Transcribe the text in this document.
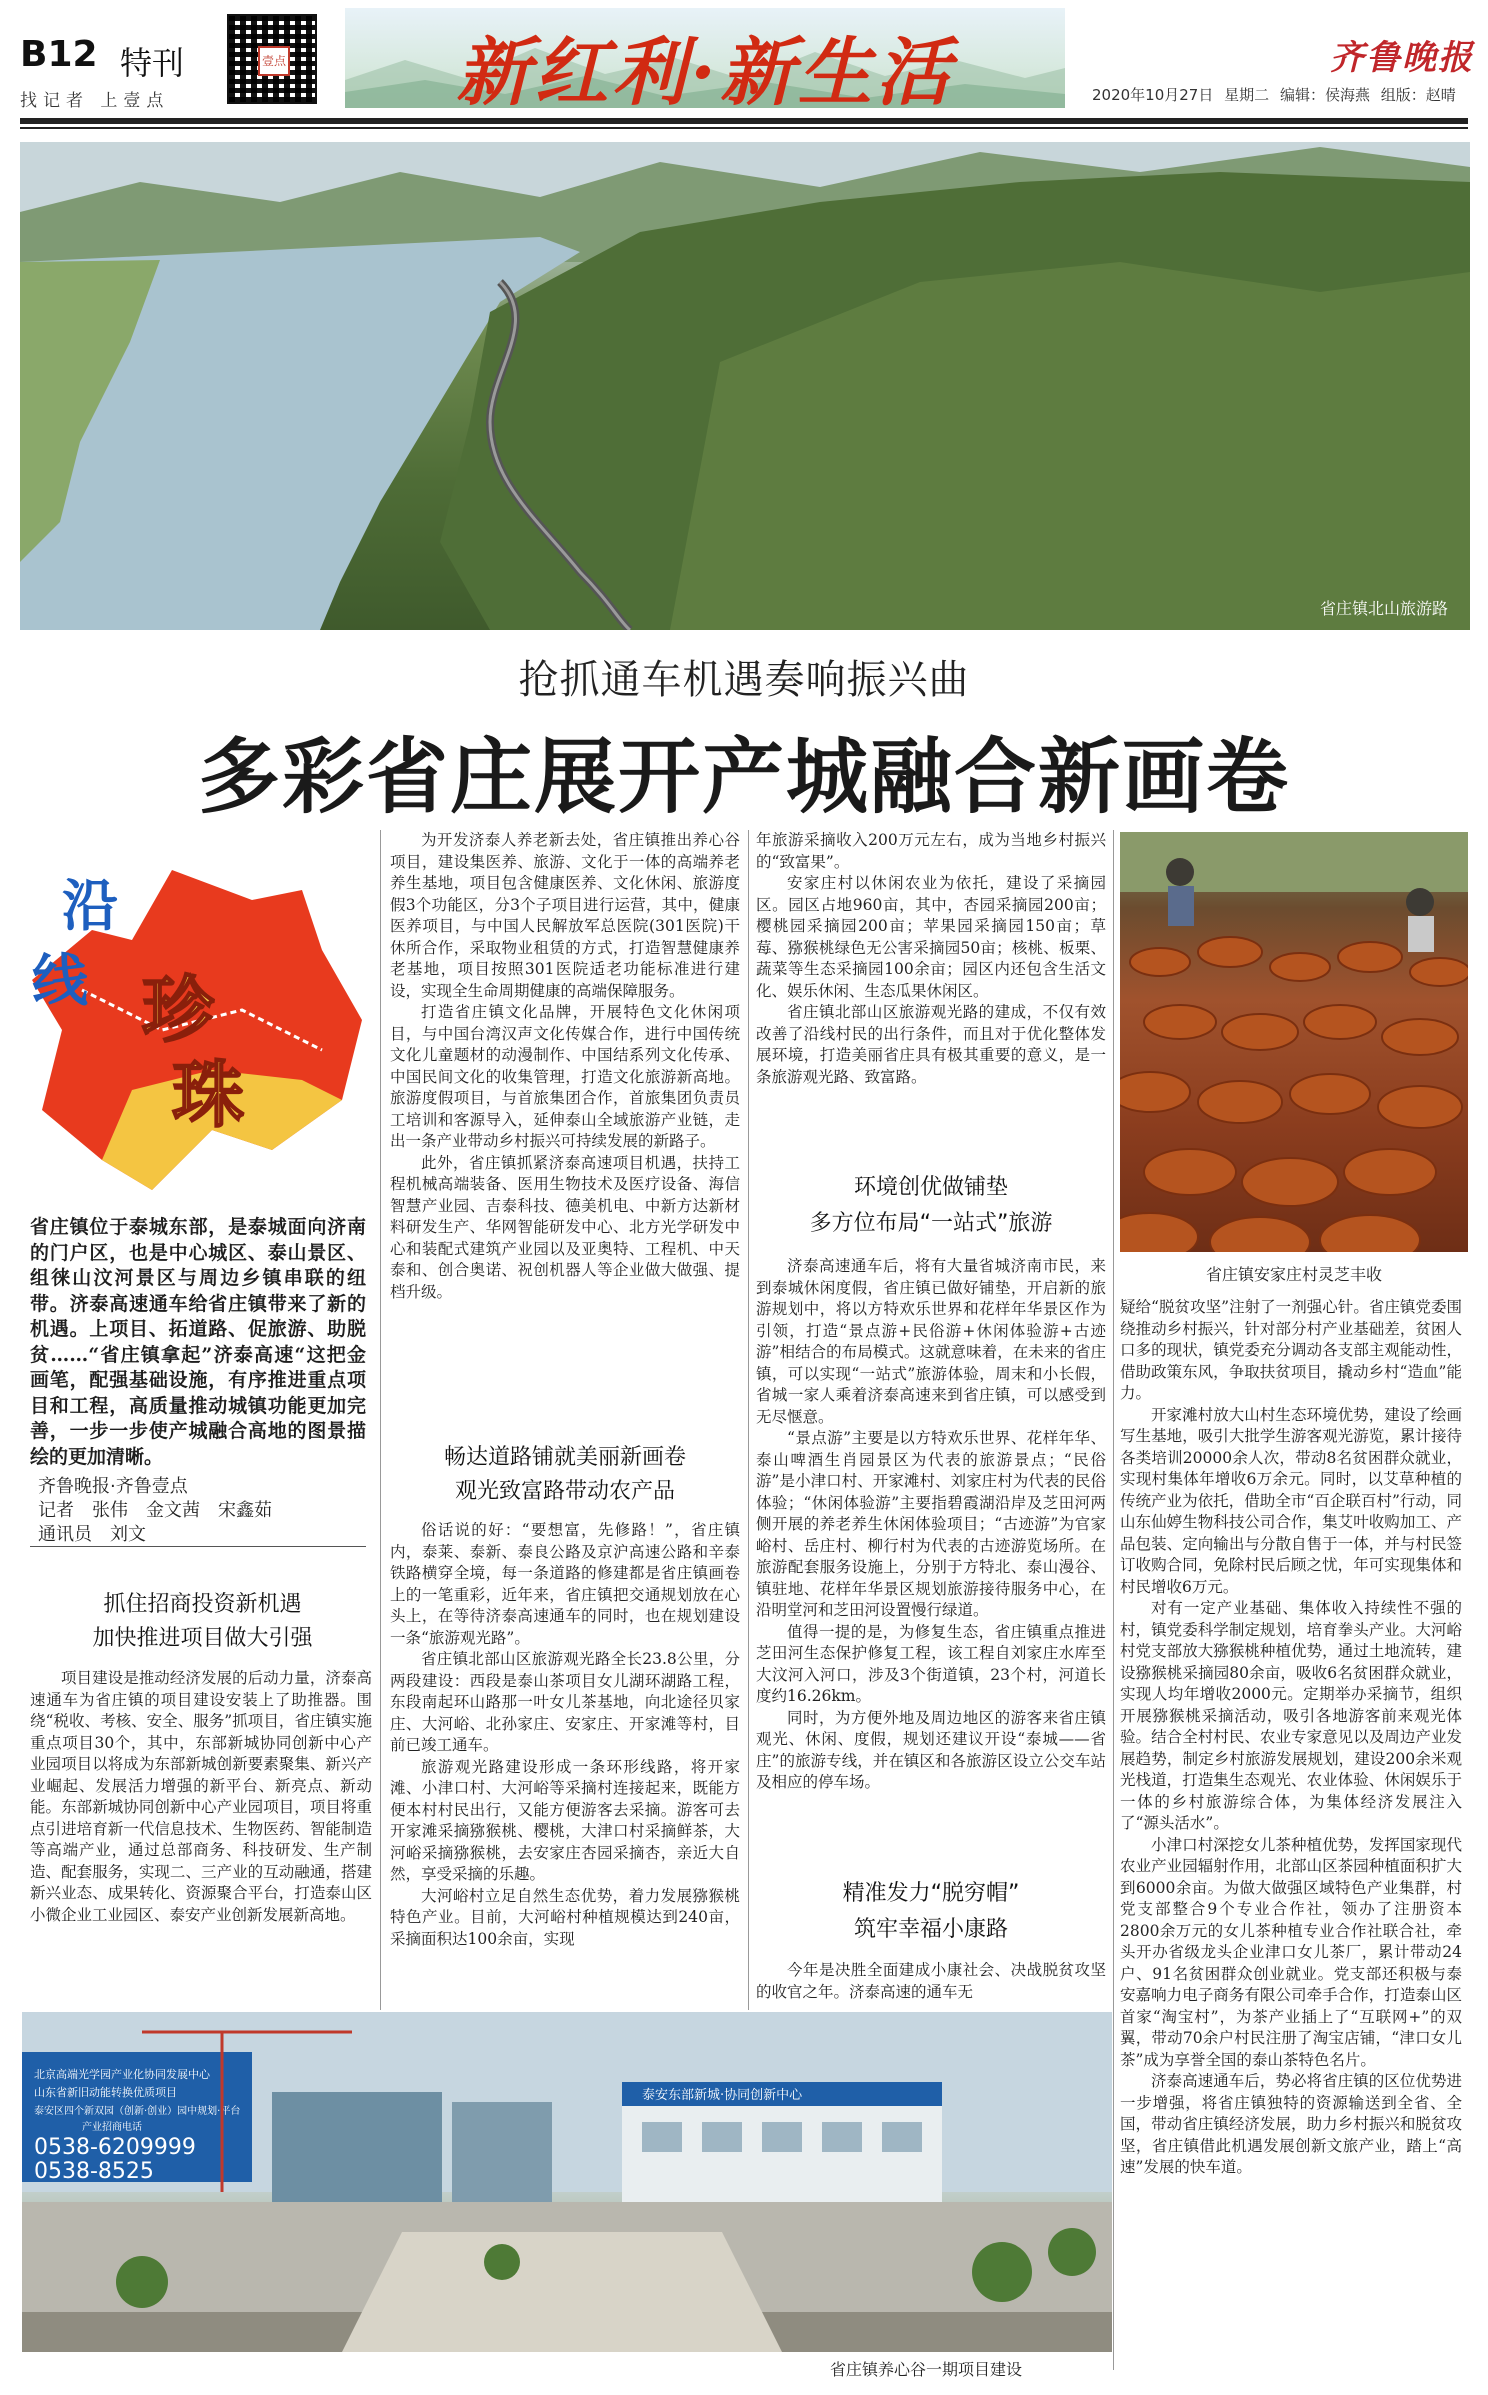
B12 特刊
找记者 上壹点
壹点	新红利·新生活	齐鲁晚报
2020年10月27日 星期二 编辑：侯海燕 组版：赵晴
省庄镇北山旅游路
抢抓通车机遇奏响振兴曲
多彩省庄展开产城融合新画卷
沿
线 珍
珠
省庄镇位于泰城东部，是泰城面向济南的门户区，也是中心城区、泰山景区、组徕山汶河景区与周边乡镇串联的纽带。济泰高速通车给省庄镇带来了新的机遇。上项目、拓道路、促旅游、助脱贫……“省庄镇拿起”济泰高速“这把金画笔，配强基础设施，有序推进重点项目和工程，高质量推动城镇功能更加完善，一步一步使产城融合高地的图景描绘的更加清晰。
齐鲁晚报·齐鲁壹点
记者　张伟　金文茜　宋鑫茹
通讯员　刘文
抓住招商投资新机遇
加快推进项目做大引强

项目建设是推动经济发展的后动力量，济泰高速通车为省庄镇的项目建设安装上了助推器。围绕“税收、考核、安全、服务”抓项目，省庄镇实施重点项目30个，其中，东部新城协同创新中心产业园项目以将成为东部新城创新要素聚集、新兴产业崛起、发展活力增强的新平台、新亮点、新动能。东部新城协同创新中心产业园项目，项目将重点引进培育新一代信息技术、生物医药、智能制造等高端产业，通过总部商务、科技研发、生产制造、配套服务，实现二、三产业的互动融通，搭建新兴业态、成果转化、资源聚合平台，打造泰山区小微企业工业园区、泰安产业创新发展新高地。

为开发济泰人养老新去处，省庄镇推出养心谷项目，建设集医养、旅游、文化于一体的高端养老养生基地，项目包含健康医养、文化休闲、旅游度假3个功能区，分3个子项目进行运营，其中，健康医养项目，与中国人民解放军总医院(301医院)干休所合作，采取物业租赁的方式，打造智慧健康养老基地，项目按照301医院适老功能标准进行建设，实现全生命周期健康的高端保障服务。

打造省庄镇文化品牌，开展特色文化休闲项目，与中国台湾汉声文化传媒合作，进行中国传统文化儿童题材的动漫制作、中国结系列文化传承、中国民间文化的收集管理，打造文化旅游新高地。旅游度假项目，与首旅集团合作，首旅集团负责员工培训和客源导入，延伸泰山全域旅游产业链，走出一条产业带动乡村振兴可持续发展的新路子。

此外，省庄镇抓紧济泰高速项目机遇，扶持工程机械高端装备、医用生物技术及医疗设备、海信智慧产业园、吉泰科技、德美机电、中新方达新材料研发生产、华网智能研发中心、北方光学研发中心和装配式建筑产业园以及亚奥特、工程机、中天泰和、创合奥诺、祝创机器人等企业做大做强、提档升级。

畅达道路铺就美丽新画卷
观光致富路带动农产品

俗话说的好：“要想富，先修路！”，省庄镇内，泰莱、泰新、泰良公路及京沪高速公路和辛泰铁路横穿全境，每一条道路的修建都是省庄镇画卷上的一笔重彩，近年来，省庄镇把交通规划放在心头上，在等待济泰高速通车的同时，也在规划建设一条“旅游观光路”。

省庄镇北部山区旅游观光路全长23.8公里，分两段建设：西段是泰山茶项目女儿湖环湖路工程，东段南起环山路那一叶女儿茶基地，向北途径贝家庄、大河峪、北孙家庄、安家庄、开家滩等村，目前已竣工通车。

旅游观光路建设形成一条环形线路，将开家滩、小津口村、大河峪等采摘村连接起来，既能方便本村村民出行，又能方便游客去采摘。游客可去开家滩采摘猕猴桃、樱桃，大津口村采摘鲜茶，大河峪采摘猕猴桃，去安家庄杏园采摘杏，亲近大自然，享受采摘的乐趣。

大河峪村立足自然生态优势，着力发展猕猴桃特色产业。目前，大河峪村种植规模达到240亩，采摘面积达100余亩，实现

年旅游采摘收入200万元左右，成为当地乡村振兴的“致富果”。

安家庄村以休闲农业为依托，建设了采摘园区。园区占地960亩，其中，杏园采摘园200亩；樱桃园采摘园200亩；苹果园采摘园150亩；草莓、猕猴桃绿色无公害采摘园50亩；核桃、板栗、蔬菜等生态采摘园100余亩；园区内还包含生活文化、娱乐休闲、生态瓜果休闲区。

省庄镇北部山区旅游观光路的建成，不仅有效改善了沿线村民的出行条件，而且对于优化整体发展环境，打造美丽省庄具有极其重要的意义，是一条旅游观光路、致富路。

环境创优做铺垫
多方位布局“一站式”旅游

济泰高速通车后，将有大量省城济南市民，来到泰城休闲度假，省庄镇已做好铺垫，开启新的旅游规划中，将以方特欢乐世界和花样年华景区作为引领，打造“景点游+民俗游+休闲体验游+古迹游”相结合的布局模式。这就意味着，在未来的省庄镇，可以实现“一站式”旅游体验，周末和小长假，省城一家人乘着济泰高速来到省庄镇，可以感受到无尽惬意。

“景点游”主要是以方特欢乐世界、花样年华、泰山啤酒生肖园景区为代表的旅游景点；“民俗游”是小津口村、开家滩村、刘家庄村为代表的民俗体验；“休闲体验游”主要指碧霞湖沿岸及芝田河两侧开展的养老养生休闲体验项目；“古迹游”为官家峪村、岳庄村、柳行村为代表的古迹游览场所。在旅游配套服务设施上，分别于方特北、泰山漫谷、镇驻地、花样年华景区规划旅游接待服务中心，在沿明堂河和芝田河设置慢行绿道。

值得一提的是，为修复生态，省庄镇重点推进芝田河生态保护修复工程，该工程自刘家庄水库至大汶河入河口，涉及3个街道镇，23个村，河道长度约16.26km。

同时，为方便外地及周边地区的游客来省庄镇观光、休闲、度假，规划还建议开设“泰城——省庄”的旅游专线，并在镇区和各旅游区设立公交车站及相应的停车场。

精准发力“脱穷帽”
筑牢幸福小康路

今年是决胜全面建成小康社会、决战脱贫攻坚的收官之年。济泰高速的通车无

省庄镇安家庄村灵芝丰收

疑给“脱贫攻坚”注射了一剂强心针。省庄镇党委围绕推动乡村振兴，针对部分村产业基础差，贫困人口多的现状，镇党委充分调动各支部主观能动性，借助政策东风，争取扶贫项目，撬动乡村“造血”能力。

开家滩村放大山村生态环境优势，建设了绘画写生基地，吸引大批学生游客观光游览，累计接待各类培训20000余人次，带动8名贫困群众就业，实现村集体年增收6万余元。同时，以艾草种植的传统产业为依托，借助全市“百企联百村”行动，同山东仙婷生物科技公司合作，集艾叶收购加工、产品包装、定向输出与分散自售于一体，并与村民签订收购合同，免除村民后顾之忧，年可实现集体和村民增收6万元。

对有一定产业基础、集体收入持续性不强的村，镇党委科学制定规划，培育拳头产业。大河峪村党支部放大猕猴桃种植优势，通过土地流转，建设猕猴桃采摘园80余亩，吸收6名贫困群众就业，实现人均年增收2000元。定期举办采摘节，组织开展猕猴桃采摘活动，吸引各地游客前来观光体验。结合全村村民、农业专家意见以及周边产业发展趋势，制定乡村旅游发展规划，建设200余米观光栈道，打造集生态观光、农业体验、休闲娱乐于一体的乡村旅游综合体，为集体经济发展注入了“源头活水”。

小津口村深挖女儿茶种植优势，发挥国家现代农业产业园辐射作用，北部山区茶园种植面积扩大到6000余亩。为做大做强区域特色产业集群，村党支部整合9个专业合作社，领办了注册资本2800余万元的女儿茶种植专业合作社联合社，牵头开办省级龙头企业津口女儿茶厂，累计带动24户、91名贫困群众创业就业。党支部还积极与泰安嘉响力电子商务有限公司牵手合作，打造泰山区首家“淘宝村”，为茶产业插上了“互联网+”的双翼，带动70余户村民注册了淘宝店铺，“津口女儿茶”成为享誉全国的泰山茶特色名片。

济泰高速通车后，势必将省庄镇的区位优势进一步增强，将省庄镇独特的资源输送到全省、全国，带动省庄镇经济发展，助力乡村振兴和脱贫攻坚，省庄镇借此机遇发展创新文旅产业，踏上“高速”发展的快车道。

北京高端光学园产业化协同发展中心
山东省新旧动能转换优质项目
泰安区四个新双园（创新·创业）园中规划·平台
产业招商电话
0538-6209999
0538-8525
泰安东部新城·协同创新中心
省庄镇养心谷一期项目建设
